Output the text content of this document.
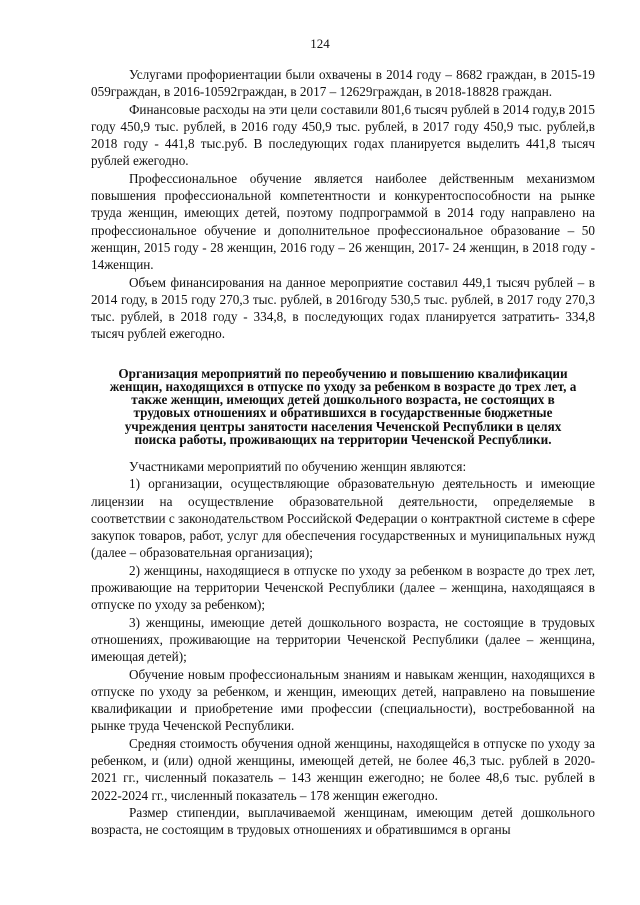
124

Услугами профориентации были охвачены в 2014 году – 8682 граждан, в 2015-19 059граждан, в 2016-10592граждан, в 2017 – 12629граждан, в 2018-18828 граждан.

Финансовые расходы на эти цели составили 801,6 тысяч рублей в 2014 году,в 2015 году 450,9 тыс. рублей, в 2016 году 450,9 тыс. рублей, в 2017 году 450,9 тыс. рублей,в 2018 году - 441,8 тыс.руб. В последующих годах планируется выделить 441,8 тысяч рублей ежегодно.

Профессиональное обучение является наиболее действенным механизмом повышения профессиональной компетентности и конкурентоспособности на рынке труда женщин, имеющих детей, поэтому подпрограммой в 2014 году направлено на профессиональное обучение и дополнительное профессиональное образование – 50 женщин, 2015 году - 28 женщин, 2016 году – 26 женщин, 2017- 24 женщин, в 2018 году - 14женщин.

Объем финансирования на данное мероприятие составил 449,1 тысяч рублей – в 2014 году, в 2015 году 270,3 тыс. рублей, в 2016году 530,5 тыс. рублей, в 2017 году 270,3 тыс. рублей, в 2018 году - 334,8, в последующих годах планируется затратить- 334,8 тысяч рублей ежегодно.

Организация мероприятий по переобучению и повышению квалификации женщин, находящихся в отпуске по уходу за ребенком в возрасте до трех лет, а также женщин, имеющих детей дошкольного возраста, не состоящих в трудовых отношениях и обратившихся в государственные бюджетные учреждения центры занятости населения Чеченской Республики в целях поиска работы, проживающих на территории Чеченской Республики.

Участниками мероприятий по обучению женщин являются:

1) организации, осуществляющие образовательную деятельность и имеющие лицензии на осуществление образовательной деятельности, определяемые в соответствии с законодательством Российской Федерации о контрактной системе в сфере закупок товаров, работ, услуг для обеспечения государственных и муниципальных нужд (далее – образовательная организация);

2) женщины, находящиеся в отпуске по уходу за ребенком в возрасте до трех лет, проживающие на территории Чеченской Республики (далее – женщина, находящаяся в отпуске по уходу за ребенком);

3) женщины, имеющие детей дошкольного возраста, не состоящие в трудовых отношениях, проживающие на территории Чеченской Республики (далее – женщина, имеющая детей);

Обучение новым профессиональным знаниям и навыкам женщин, находящихся в отпуске по уходу за ребенком, и женщин, имеющих детей, направлено на повышение квалификации и приобретение ими профессии (специальности), востребованной на рынке труда Чеченской Республики.

Средняя стоимость обучения одной женщины, находящейся в отпуске по уходу за ребенком, и (или) одной женщины, имеющей детей, не более 46,3 тыс. рублей в 2020-2021 гг., численный показатель – 143 женщин ежегодно; не более 48,6 тыс. рублей в 2022-2024 гг., численный показатель – 178 женщин ежегодно.

Размер стипендии, выплачиваемой женщинам, имеющим детей дошкольного возраста, не состоящим в трудовых отношениях и обратившимся в органы
